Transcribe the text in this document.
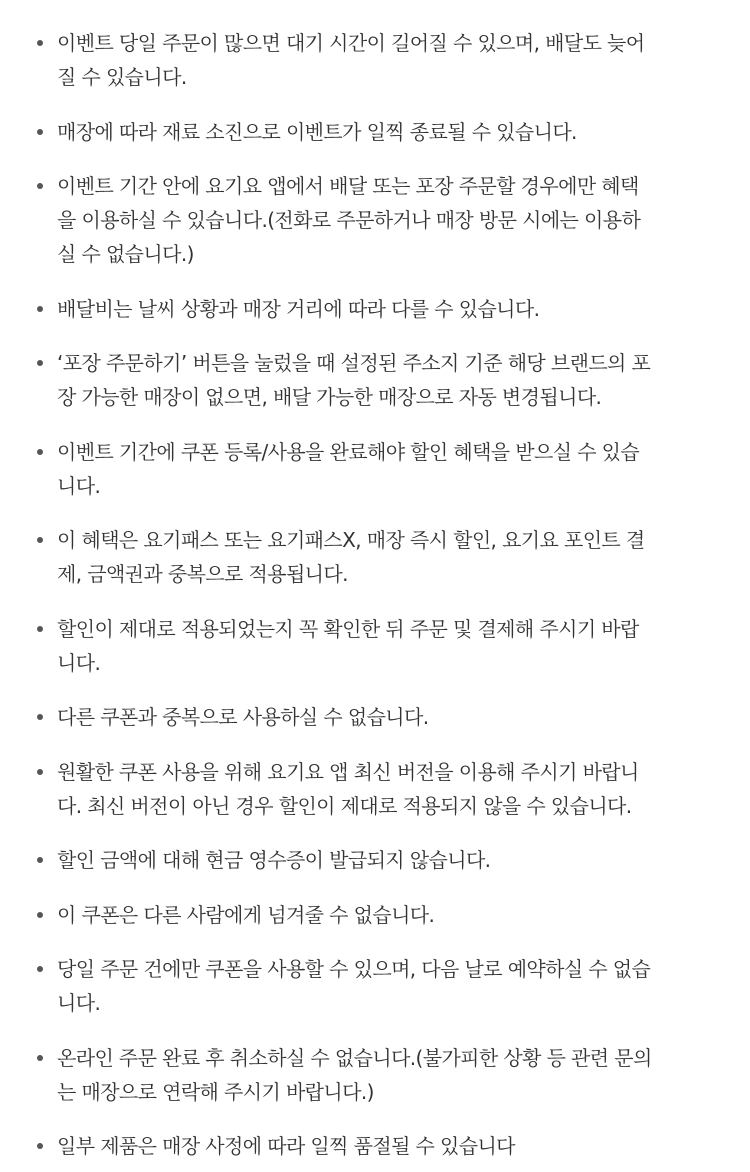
이벤트 당일 주문이 많으면 대기 시간이 길어질 수 있으며, 배달도 늦어
질 수 있습니다.
매장에 따라 재료 소진으로 이벤트가 일찍 종료될 수 있습니다.
이벤트 기간 안에 요기요 앱에서 배달 또는 포장 주문할 경우에만 혜택
을 이용하실 수 있습니다.(전화로 주문하거나 매장 방문 시에는 이용하
실 수 없습니다.)
배달비는 날씨 상황과 매장 거리에 따라 다를 수 있습니다.
‘포장 주문하기’ 버튼을 눌렀을 때 설정된 주소지 기준 해당 브랜드의 포
장 가능한 매장이 없으면, 배달 가능한 매장으로 자동 변경됩니다.
이벤트 기간에 쿠폰 등록/사용을 완료해야 할인 혜택을 받으실 수 있습
니다.
이 혜택은 요기패스 또는 요기패스X, 매장 즉시 할인, 요기요 포인트 결
제, 금액권과 중복으로 적용됩니다.
할인이 제대로 적용되었는지 꼭 확인한 뒤 주문 및 결제해 주시기 바랍
니다.
다른 쿠폰과 중복으로 사용하실 수 없습니다.
원활한 쿠폰 사용을 위해 요기요 앱 최신 버전을 이용해 주시기 바랍니
다. 최신 버전이 아닌 경우 할인이 제대로 적용되지 않을 수 있습니다.
할인 금액에 대해 현금 영수증이 발급되지 않습니다.
이 쿠폰은 다른 사람에게 넘겨줄 수 없습니다.
당일 주문 건에만 쿠폰을 사용할 수 있으며, 다음 날로 예약하실 수 없습
니다.
온라인 주문 완료 후 취소하실 수 없습니다.(불가피한 상황 등 관련 문의
는 매장으로 연락해 주시기 바랍니다.)
일부 제품은 매장 사정에 따라 일찍 품절될 수 있습니다
